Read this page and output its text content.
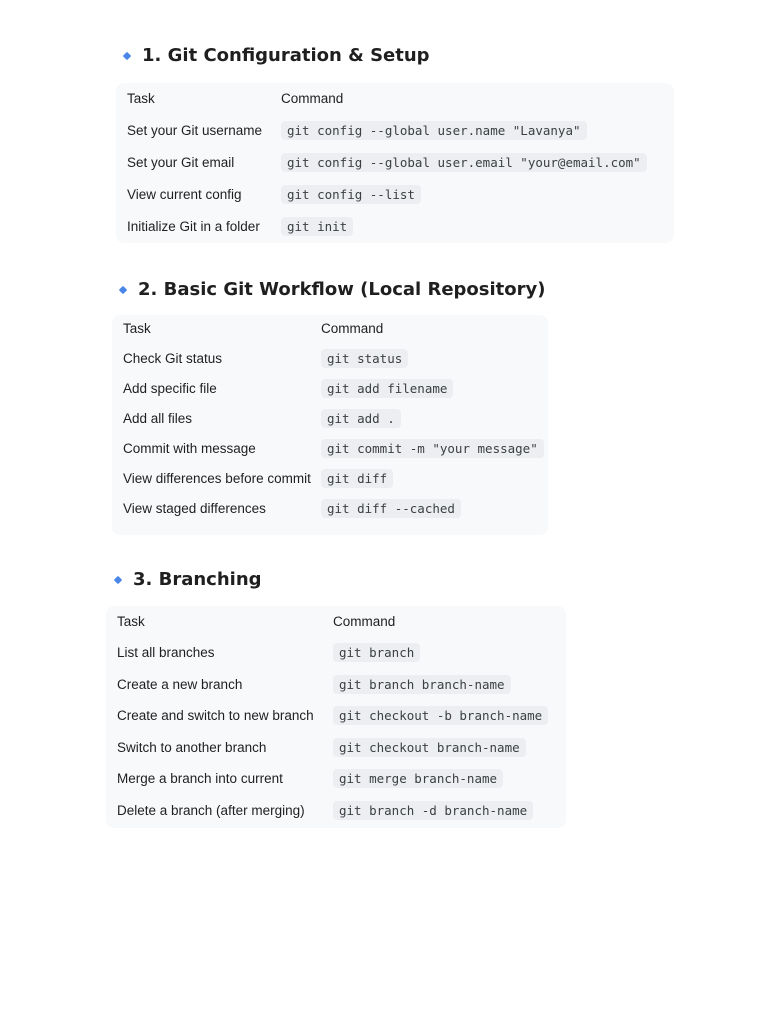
1. Git Configuration & Setup
Task	Command
Set your Git username	git config --global user.name "Lavanya"
Set your Git email	git config --global user.email "your@email.com"
View current config	git config --list
Initialize Git in a folder	git init
2. Basic Git Workflow (Local Repository)
Task	Command
Check Git status	git status
Add specific file	git add filename
Add all files	git add .
Commit with message	git commit -m "your message"
View differences before commit	git diff
View staged differences	git diff --cached
3. Branching
Task	Command
List all branches	git branch
Create a new branch	git branch branch-name
Create and switch to new branch	git checkout -b branch-name
Switch to another branch	git checkout branch-name
Merge a branch into current	git merge branch-name
Delete a branch (after merging)	git branch -d branch-name
